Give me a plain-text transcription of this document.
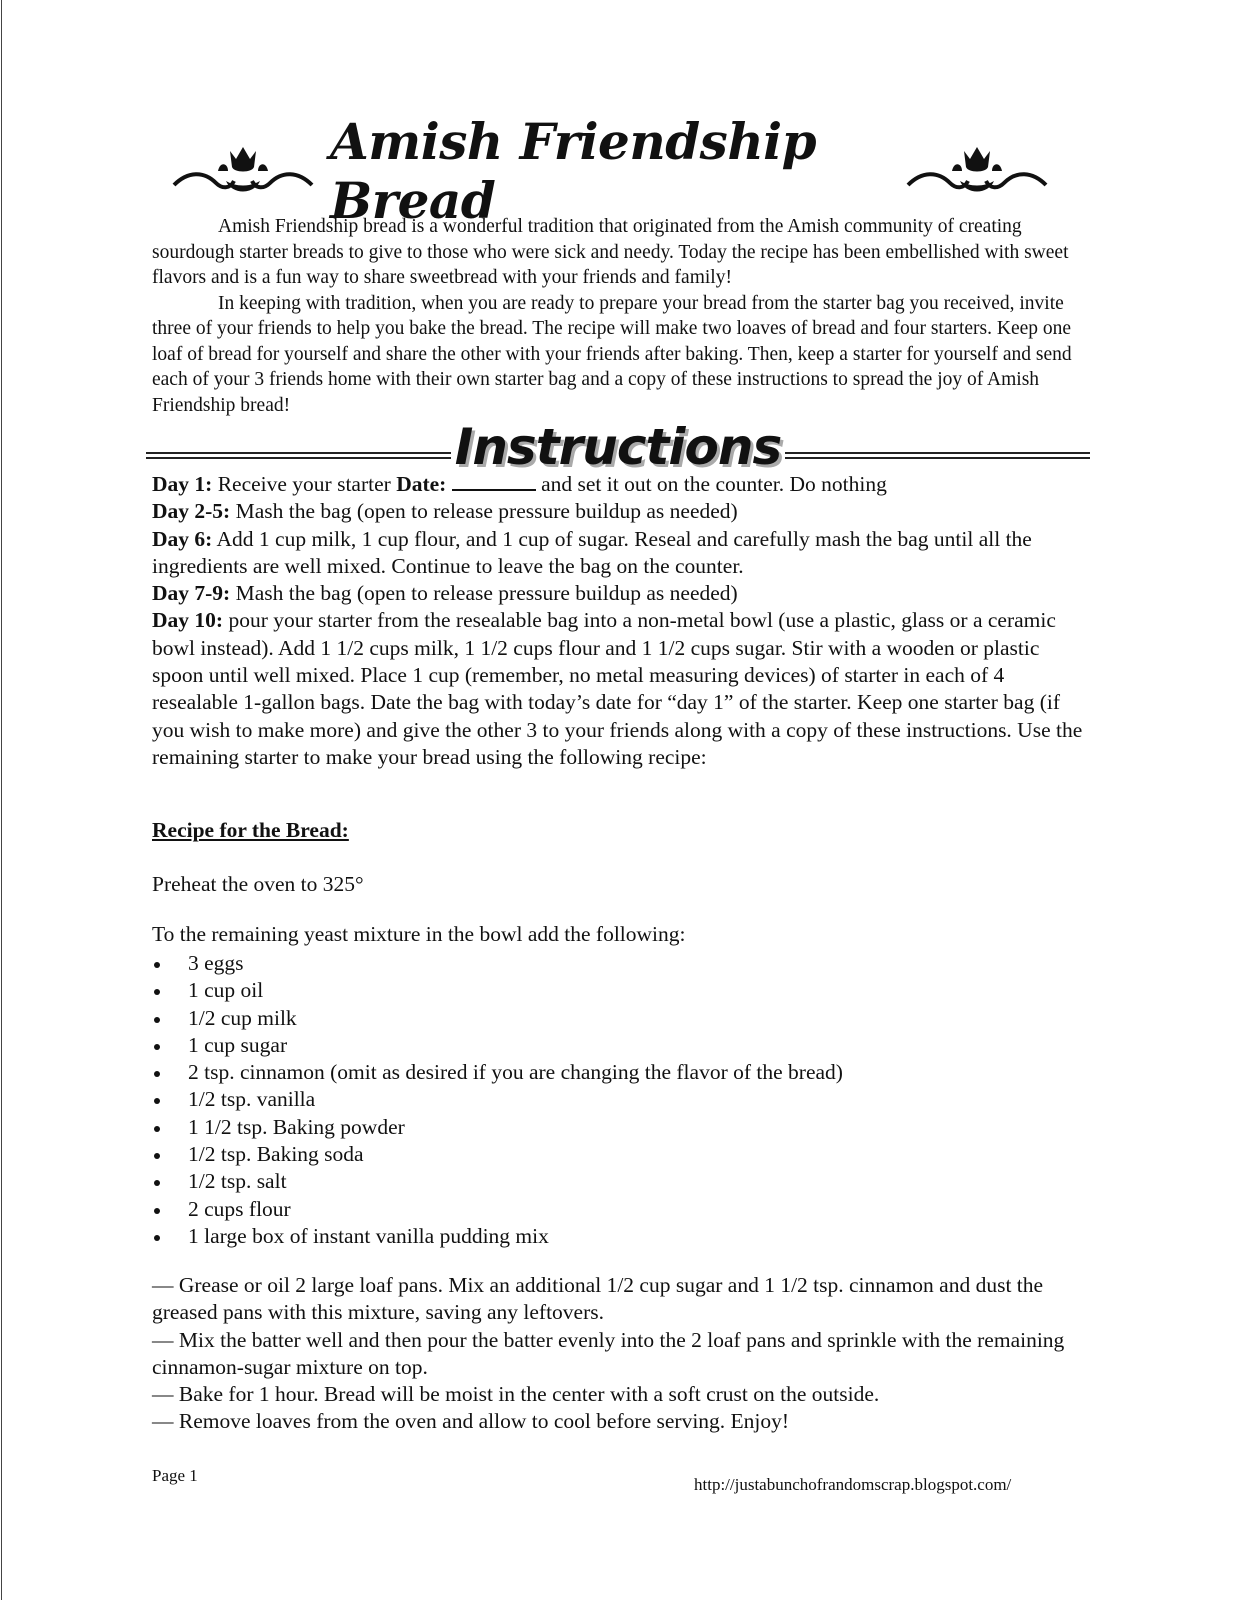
Amish Friendship Bread

Amish Friendship bread is a wonderful tradition that originated from the Amish community of creating sourdough starter breads to give to those who were sick and needy. Today the recipe has been embellished with sweet flavors and is a fun way to share sweetbread with your friends and family!

In keeping with tradition, when you are ready to prepare your bread from the starter bag you received, invite three of your friends to help you bake the bread. The recipe will make two loaves of bread and four starters. Keep one loaf of bread for yourself and share the other with your friends after baking. Then, keep a starter for yourself and send each of your 3 friends home with their own starter bag and a copy of these instructions to spread the joy of Amish Friendship bread!

Instructions

Day 1: Receive your starter Date:	and set it out on the counter. Do nothing

Day 2-5: Mash the bag (open to release pressure buildup as needed)

Day 6: Add 1 cup milk, 1 cup flour, and 1 cup of sugar. Reseal and carefully mash the bag until all the ingredients are well mixed. Continue to leave the bag on the counter.

Day 7-9: Mash the bag (open to release pressure buildup as needed)

Day 10: pour your starter from the resealable bag into a non-metal bowl (use a plastic, glass or a ceramic bowl instead). Add 1 1/2 cups milk, 1 1/2 cups flour and 1 1/2 cups sugar. Stir with a wooden or plastic spoon until well mixed. Place 1 cup (remember, no metal measuring devices) of starter in each of 4 resealable 1-gallon bags. Date the bag with today’s date for “day 1” of the starter. Keep one starter bag (if you wish to make more) and give the other 3 to your friends along with a copy of these instructions. Use the remaining starter to make your bread using the following recipe:

Recipe for the Bread:
Preheat the oven to 325°
To the remaining yeast mixture in the bowl add the following:
3 eggs
1 cup oil
1/2 cup milk
1 cup sugar
2 tsp. cinnamon (omit as desired if you are changing the flavor of the bread)
1/2 tsp. vanilla
1 1/2 tsp. Baking powder
1/2 tsp. Baking soda
1/2 tsp. salt
2 cups flour
1 large box of instant vanilla pudding mix

— Grease or oil 2 large loaf pans. Mix an additional 1/2 cup sugar and 1 1/2 tsp. cinnamon and dust the greased pans with this mixture, saving any leftovers.

— Mix the batter well and then pour the batter evenly into the 2 loaf pans and sprinkle with the remaining cinnamon-sugar mixture on top.

— Bake for 1 hour. Bread will be moist in the center with a soft crust on the outside.

— Remove loaves from the oven and allow to cool before serving. Enjoy!

Page 1	http://justabunchofrandomscrap.blogspot.com/
